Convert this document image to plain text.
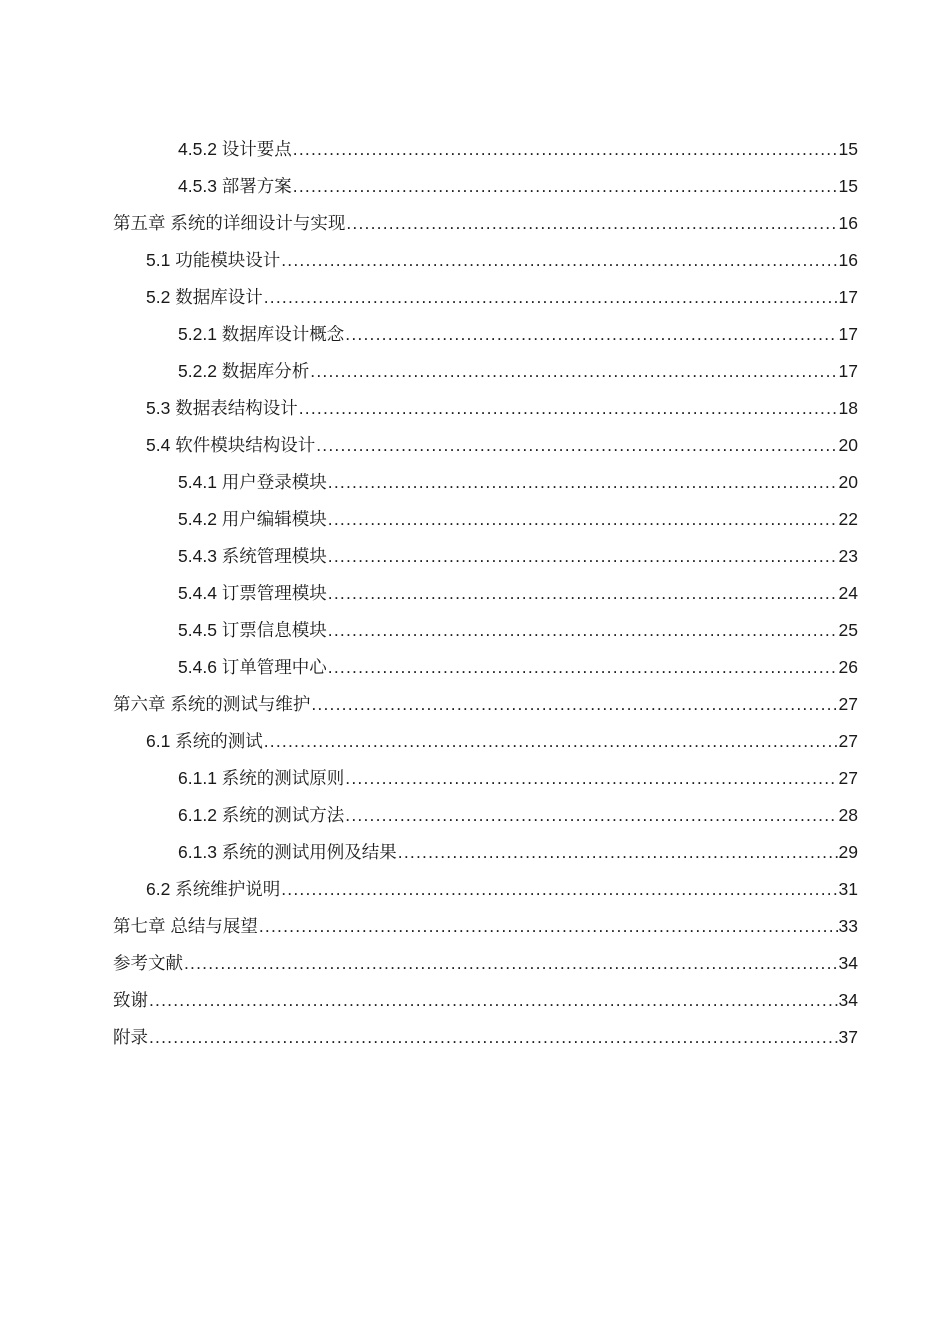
4.5.2 设计要点 .....	15
4.5.3 部署方案 .....	15
第五章 系统的详细设计与实现 .....	16
5.1 功能模块设计 .....	16
5.2 数据库设计 .....	17
5.2.1 数据库设计概念 .....	17
5.2.2 数据库分析 .....	17
5.3 数据表结构设计 .....	18
5.4 软件模块结构设计 .....	20
5.4.1 用户登录模块 .....	20
5.4.2 用户编辑模块 .....	22
5.4.3 系统管理模块 .....	23
5.4.4 订票管理模块 .....	24
5.4.5 订票信息模块 .....	25
5.4.6 订单管理中心 .....	26
第六章 系统的测试与维护 .....	27
6.1 系统的测试 .....	27
6.1.1 系统的测试原则 .....	27
6.1.2 系统的测试方法 .....	28
6.1.3 系统的测试用例及结果 .....	29
6.2 系统维护说明 .....	31
第七章 总结与展望 .....	33
参考文献 .....	34
致谢 .....	34
附录 .....	37
